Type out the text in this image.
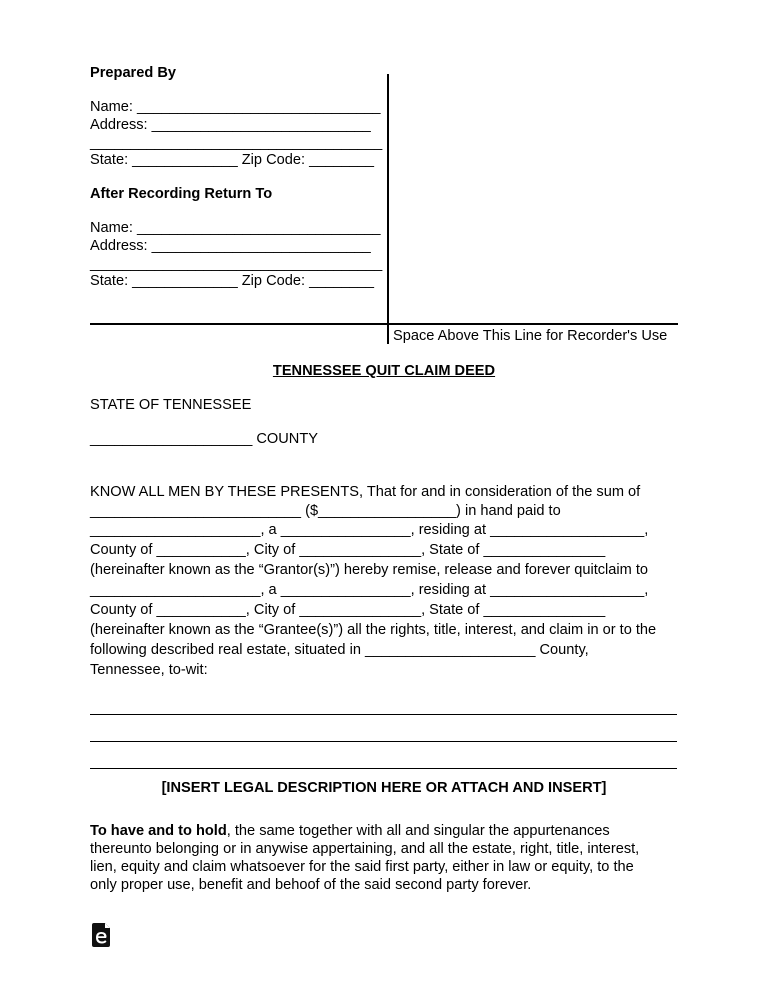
Prepared By
Name: ______________________________
Address: ___________________________
____________________________________
State: _____________ Zip Code: ________
After Recording Return To
Name: ______________________________
Address: ___________________________
____________________________________
State: _____________ Zip Code: ________
Space Above This Line for Recorder's Use
TENNESSEE QUIT CLAIM DEED
STATE OF TENNESSEE
____________________ COUNTY
KNOW ALL MEN BY THESE PRESENTS, That for and in consideration of the sum of
__________________________ ($_________________) in hand paid to
_____________________, a ________________, residing at ___________________,
County of ___________, City of _______________, State of _______________
(hereinafter known as the “Grantor(s)”) hereby remise, release and forever quitclaim to
_____________________, a ________________, residing at ___________________,
County of ___________, City of _______________, State of _______________
(hereinafter known as the “Grantee(s)”) all the rights, title, interest, and claim in or to the
following described real estate, situated in _____________________ County,
Tennessee, to-wit:
[INSERT LEGAL DESCRIPTION HERE OR ATTACH AND INSERT]
To have and to hold, the same together with all and singular the appurtenances
thereunto belonging or in anywise appertaining, and all the estate, right, title, interest,
lien, equity and claim whatsoever for the said first party, either in law or equity, to the
only proper use, benefit and behoof of the said second party forever.
